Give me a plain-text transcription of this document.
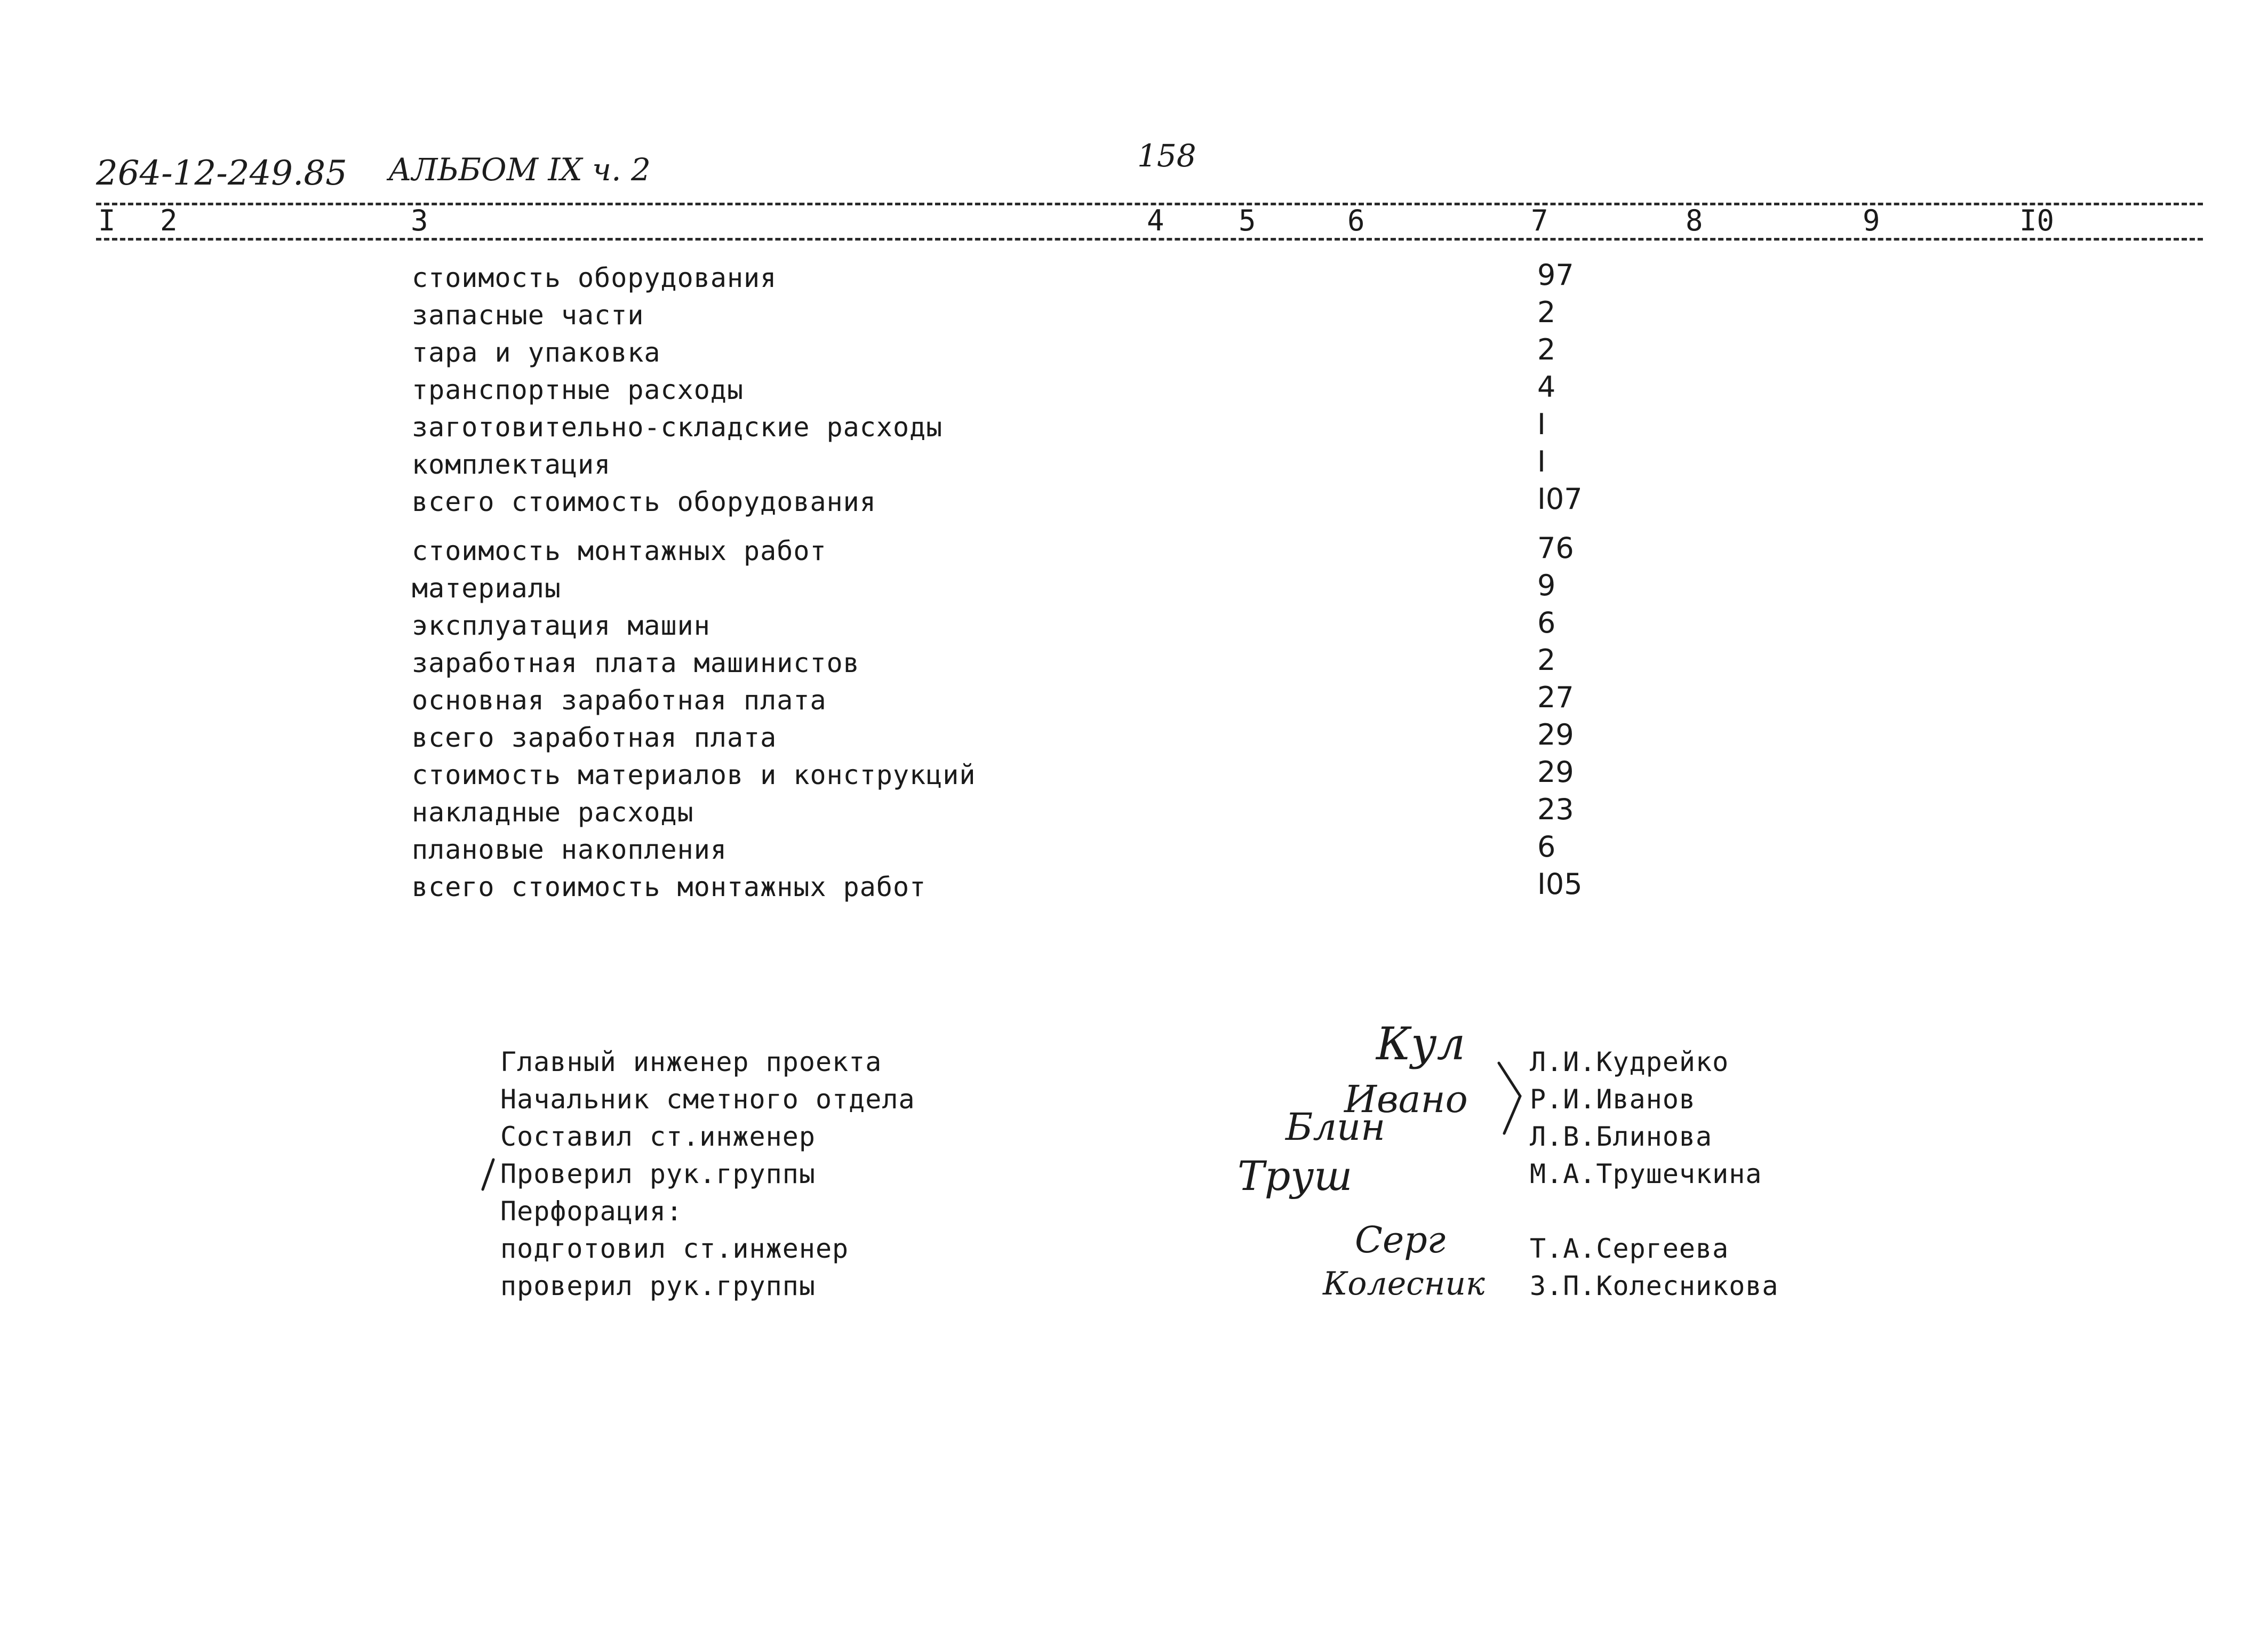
264-12-249.85 АЛЬБОМ IX ч. 2	158
I 2	3	4	5	6	7	8	9	I0
стоимость оборудования	97
запасные части	2
тара и упаковка	2
транспортные расходы	4
заготовительно-складские расходы	I
комплектация	I
всего стоимость оборудования	I07
стоимость монтажных работ	76
материалы	9
эксплуатация машин	6
заработная плата машинистов	2
основная заработная плата	27
всего заработная плата	29
стоимость материалов и конструкций	29
накладные расходы	23
плановые накопления	6
всего стоимость монтажных работ	I05
Главный инженер проекта	Л.И.Кудрейко
Начальник сметного отдела	Р.И.Иванов
Составил ст.инженер	Л.В.Блинова
Проверил рук.группы	М.А.Трушечкина
Перфорация:
подготовил ст.инженер	Т.А.Сергеева
проверил рук.группы	З.П.Колесникова
Кул
Ивано
Блин
Труш
Серг
Колесник
